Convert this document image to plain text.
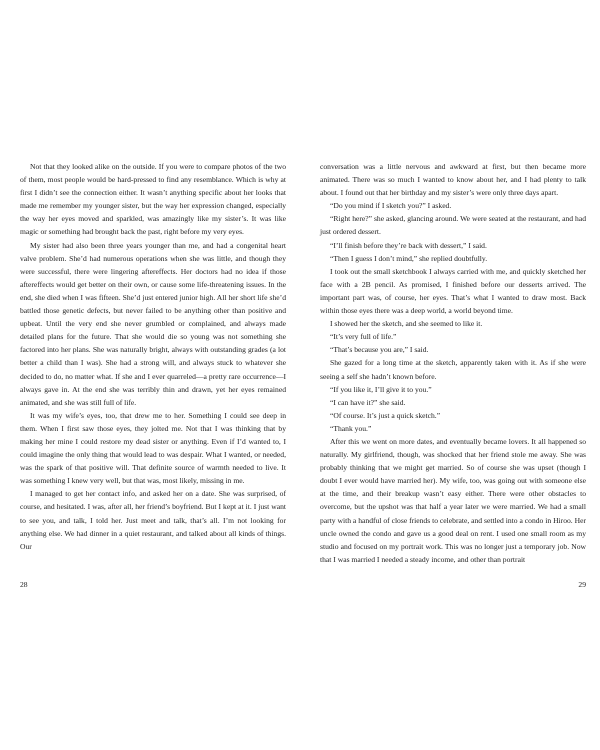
Not that they looked alike on the outside. If you were to compare photos of the two of them, most people would be hard-pressed to find any resemblance. Which is why at first I didn’t see the connection either. It wasn’t anything specific about her looks that made me remember my younger sister, but the way her expression changed, especially the way her eyes moved and sparkled, was amazingly like my sister’s. It was like magic or something had brought back the past, right before my very eyes.

My sister had also been three years younger than me, and had a congenital heart valve problem. She’d had numerous operations when she was little, and though they were successful, there were lingering aftereffects. Her doctors had no idea if those aftereffects would get better on their own, or cause some life-threatening issues. In the end, she died when I was fifteen. She’d just entered junior high. All her short life she’d battled those genetic defects, but never failed to be anything other than positive and upbeat. Until the very end she never grumbled or complained, and always made detailed plans for the future. That she would die so young was not something she factored into her plans. She was naturally bright, always with outstanding grades (a lot better a child than I was). She had a strong will, and always stuck to whatever she decided to do, no matter what. If she and I ever quarreled—a pretty rare occurrence—I always gave in. At the end she was terribly thin and drawn, yet her eyes remained animated, and she was still full of life.

It was my wife’s eyes, too, that drew me to her. Something I could see deep in them. When I first saw those eyes, they jolted me. Not that I was thinking that by making her mine I could restore my dead sister or anything. Even if I’d wanted to, I could imagine the only thing that would lead to was despair. What I wanted, or needed, was the spark of that positive will. That definite source of warmth needed to live. It was something I knew very well, but that was, most likely, missing in me.

I managed to get her contact info, and asked her on a date. She was surprised, of course, and hesitated. I was, after all, her friend’s boyfriend. But I kept at it. I just want to see you, and talk, I told her. Just meet and talk, that’s all. I’m not looking for anything else. We had dinner in a quiet restaurant, and talked about all kinds of things. Our

conversation was a little nervous and awkward at first, but then became more animated. There was so much I wanted to know about her, and I had plenty to talk about. I found out that her birthday and my sister’s were only three days apart.

“Do you mind if I sketch you?” I asked.

“Right here?” she asked, glancing around. We were seated at the restaurant, and had just ordered dessert.

“I’ll finish before they’re back with dessert,” I said.

“Then I guess I don’t mind,” she replied doubtfully.

I took out the small sketchbook I always carried with me, and quickly sketched her face with a 2B pencil. As promised, I finished before our desserts arrived. The important part was, of course, her eyes. That’s what I wanted to draw most. Back within those eyes there was a deep world, a world beyond time.

I showed her the sketch, and she seemed to like it.

“It’s very full of life.”

“That’s because you are,” I said.

She gazed for a long time at the sketch, apparently taken with it. As if she were seeing a self she hadn’t known before.

“If you like it, I’ll give it to you.”

“I can have it?” she said.

“Of course. It’s just a quick sketch.”

“Thank you.”

After this we went on more dates, and eventually became lovers. It all happened so naturally. My girlfriend, though, was shocked that her friend stole me away. She was probably thinking that we might get married. So of course she was upset (though I doubt I ever would have married her). My wife, too, was going out with someone else at the time, and their breakup wasn’t easy either. There were other obstacles to overcome, but the upshot was that half a year later we were married. We had a small party with a handful of close friends to celebrate, and settled into a condo in Hiroo. Her uncle owned the condo and gave us a good deal on rent. I used one small room as my studio and focused on my portrait work. This was no longer just a temporary job. Now that I was married I needed a steady income, and other than portrait

28	29
